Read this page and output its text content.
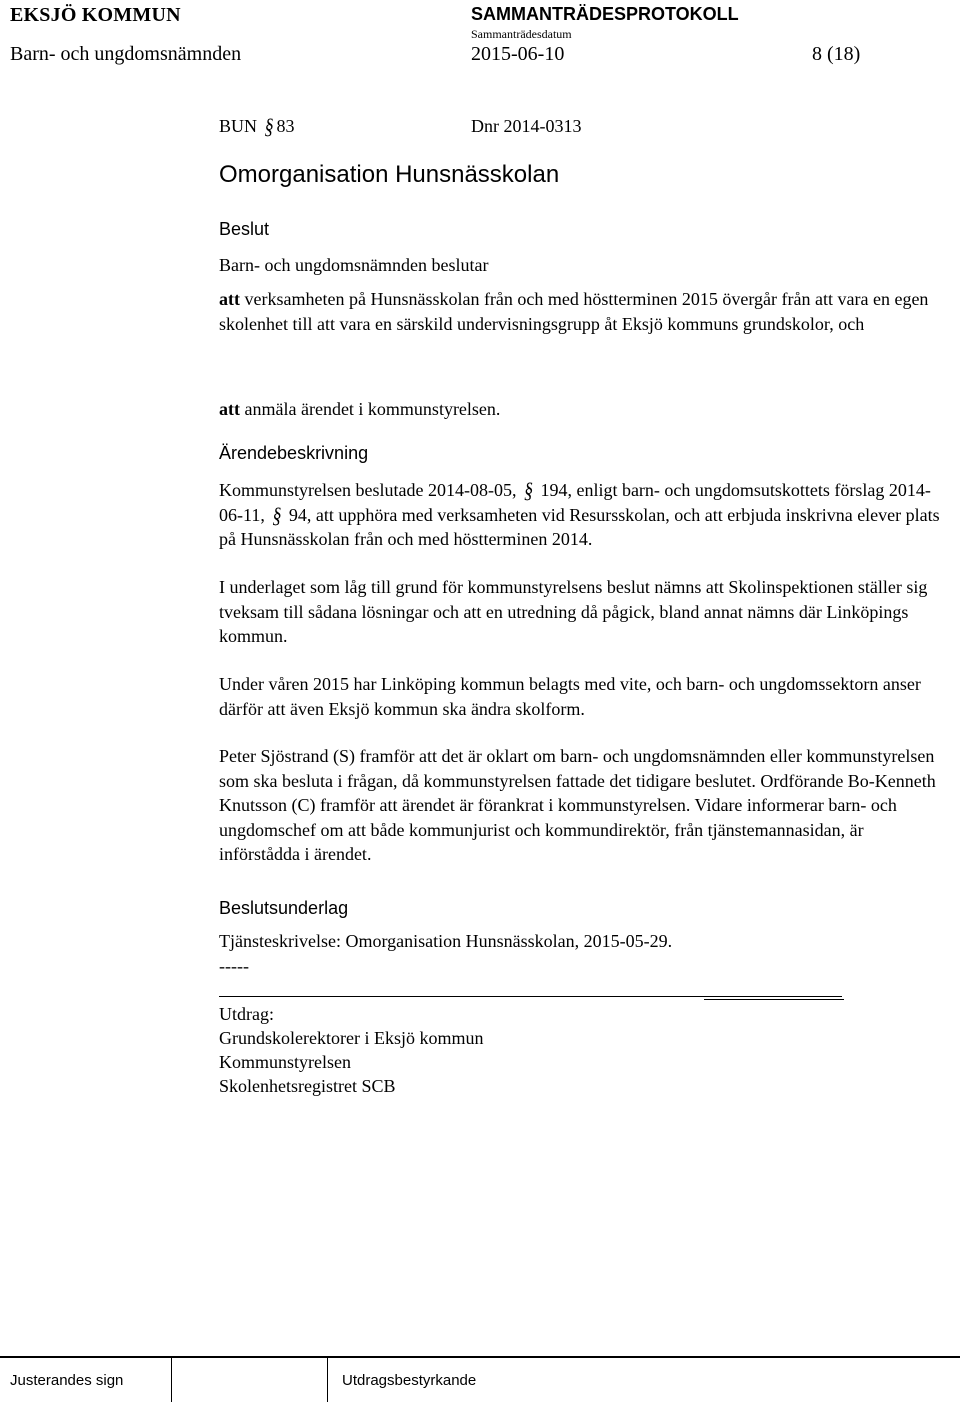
EKSJÖ KOMMUN	SAMMANTRÄDESPROTOKOLL
Sammanträdesdatum
Barn- och ungdomsnämnden	2015-06-10	8 (18)
BUN § 83	Dnr 2014-0313
Omorganisation Hunsnässkolan
Beslut
Barn- och ungdomsnämnden beslutar
att verksamheten på Hunsnässkolan från och med höstterminen 2015 övergår från att vara en egen skolenhet till att vara en särskild undervisningsgrupp åt Eksjö kommuns grundskolor, och
att anmäla ärendet i kommunstyrelsen.
Ärendebeskrivning
Kommunstyrelsen beslutade 2014-08-05, § 194, enligt barn- och ungdomsutskottets förslag 2014-06-11, § 94, att upphöra med verksamheten vid Resursskolan, och att erbjuda inskrivna elever plats på Hunsnässkolan från och med höstterminen 2014.
I underlaget som låg till grund för kommunstyrelsens beslut nämns att Skolinspektionen ställer sig tveksam till sådana lösningar och att en utredning då pågick, bland annat nämns där Linköpings kommun.
Under våren 2015 har Linköping kommun belagts med vite, och barn- och ungdomssektorn anser därför att även Eksjö kommun ska ändra skolform.
Peter Sjöstrand (S) framför att det är oklart om barn- och ungdomsnämnden eller kommunstyrelsen som ska besluta i frågan, då kommunstyrelsen fattade det tidigare beslutet. Ordförande Bo-Kenneth Knutsson (C) framför att ärendet är förankrat i kommunstyrelsen. Vidare informerar barn- och ungdomschef om att både kommunjurist och kommundirektör, från tjänstemannasidan, är införstådda i ärendet.
Beslutsunderlag
Tjänsteskrivelse: Omorganisation Hunsnässkolan, 2015-05-29.
-----
Utdrag:
Grundskolerektorer i Eksjö kommun
Kommunstyrelsen
Skolenhetsregistret SCB
Justerandes sign	Utdragsbestyrkande
